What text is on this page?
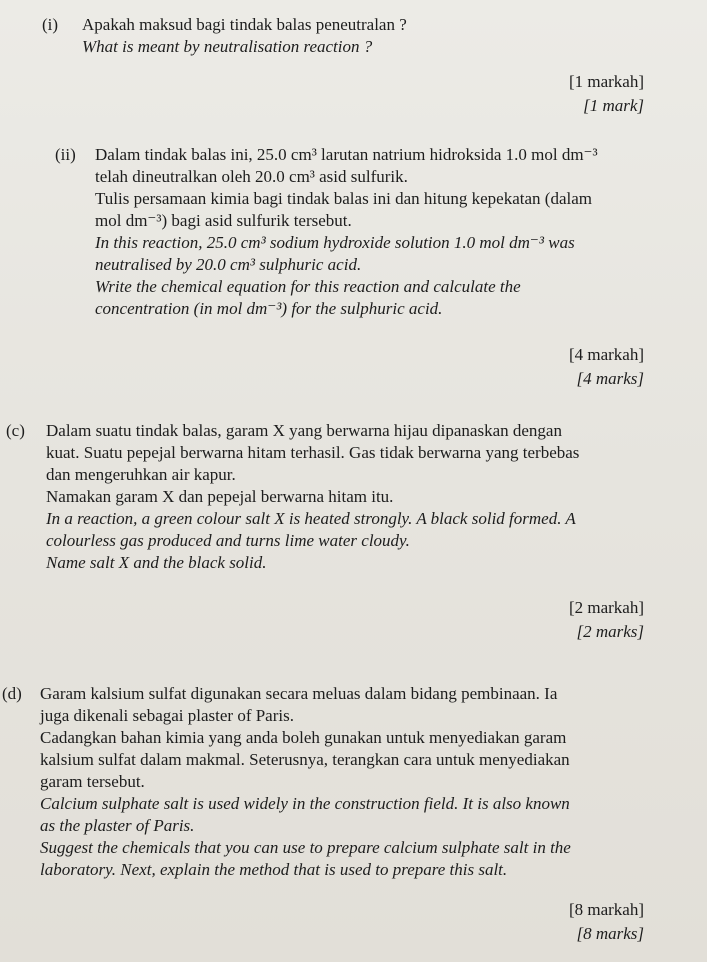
(i) Apakah maksud bagi tindak balas peneutralan ?
What is meant by neutralisation reaction ?
[1 markah]
[1 mark]
(ii) Dalam tindak balas ini, 25.0 cm³ larutan natrium hidroksida 1.0 mol dm⁻³
telah dineutralkan oleh 20.0 cm³ asid sulfurik.
Tulis persamaan kimia bagi tindak balas ini dan hitung kepekatan (dalam
mol dm⁻³) bagi asid sulfurik tersebut.
In this reaction, 25.0 cm³ sodium hydroxide solution 1.0 mol dm⁻³ was
neutralised by 20.0 cm³ sulphuric acid.
Write the chemical equation for this reaction and calculate the
concentration (in mol dm⁻³) for the sulphuric acid.
[4 markah]
[4 marks]
(c) Dalam suatu tindak balas, garam X yang berwarna hijau dipanaskan dengan
kuat. Suatu pepejal berwarna hitam terhasil. Gas tidak berwarna yang terbebas
dan mengeruhkan air kapur.
Namakan garam X dan pepejal berwarna hitam itu.
In a reaction, a green colour salt X is heated strongly. A black solid formed. A
colourless gas produced and turns lime water cloudy.
Name salt X and the black solid.
[2 markah]
[2 marks]
(d) Garam kalsium sulfat digunakan secara meluas dalam bidang pembinaan. Ia
juga dikenali sebagai plaster of Paris.
Cadangkan bahan kimia yang anda boleh gunakan untuk menyediakan garam
kalsium sulfat dalam makmal. Seterusnya, terangkan cara untuk menyediakan
garam tersebut.
Calcium sulphate salt is used widely in the construction field. It is also known
as the plaster of Paris.
Suggest the chemicals that you can use to prepare calcium sulphate salt in the
laboratory. Next, explain the method that is used to prepare this salt.
[8 markah]
[8 marks]
